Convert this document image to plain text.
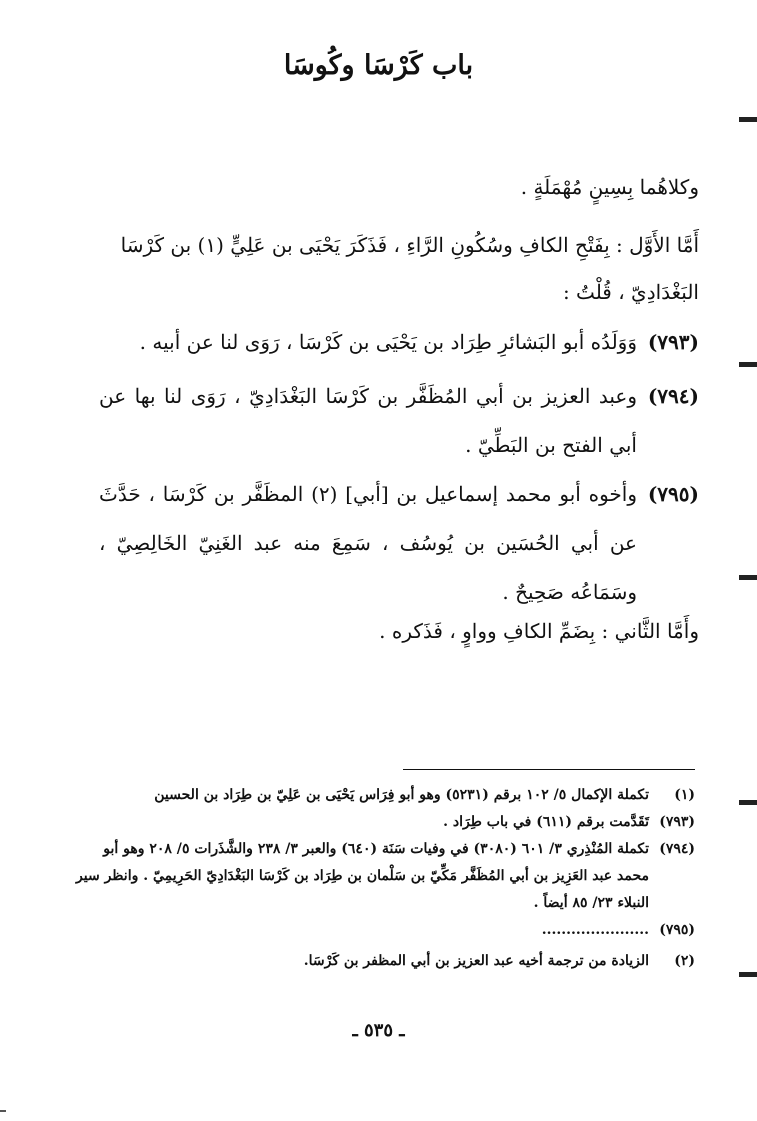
باب كَرْسَا وكُوسَا
وكلاهُما بِسِينٍ مُهْمَلَةٍ .
أَمَّا الأَوَّل : بِفَتْحِ الكافِ وسُكُونِ الرَّاءِ ، فَذَكَرَ يَحْيَى بن عَلِيٍّ (١) بن كَرْسَا البَغْدَادِيّ ، قُلْتُ :
(٧٩٣)
وَوَلَدُه أبو البَشائرِ طِرَاد بن يَحْيَى بن كَرْسَا ، رَوَى لنا عن أبيه .
(٧٩٤)
وعبد العزيز بن أبي المُظَفَّر بن كَرْسَا البَغْدَادِيّ ، رَوَى لنا بها عن أبي الفتح بن البَطِّيّ .
(٧٩٥)
وأخوه أبو محمد إسماعيل بن [أبي] (٢) المظَفَّر بن كَرْسَا ، حَدَّثَ عن أبي الحُسَين بن يُوسُف ، سَمِعَ منه عبد الغَنِيّ الخَالِصِيّ ، وسَمَاعُه صَحِيحٌ .
وأَمَّا الثَّاني : بِضَمِّ الكافِ وواوٍ ، فَذَكره .
(١)
تكملة الإكمال ٥/ ١٠٢ برقم (٥٢٣١) وهو أبو فِرَاس يَحْيَى بن عَلِيّ بن طِرَاد بن الحسين
(٧٩٣)
تَقَدَّمت برقم (٦١١) في باب طِرَاد .
(٧٩٤)
تكملة المُنْذِري ٣/ ٦٠١ (٣٠٨٠) في وفيات سَنَة (٦٤٠) والعبر ٣/ ٢٣٨ والشَّذَرات ٥/ ٢٠٨ وهو أبو محمد عبد العَزِيز بن أبي المُظَفَّر مَكِّيّ بن سَلْمان بن طِرَاد بن كَرْسَا البَغْدَادِيّ الحَرِيمِيّ . وانظر سير النبلاء ٢٣/ ٨٥ أيضاً .
(٧٩٥)
......................
(٢)
الزيادة من ترجمة أخيه عبد العزيز بن أبي المظفر بن كَرْسَا.
ـ ٥٣٥ ـ
